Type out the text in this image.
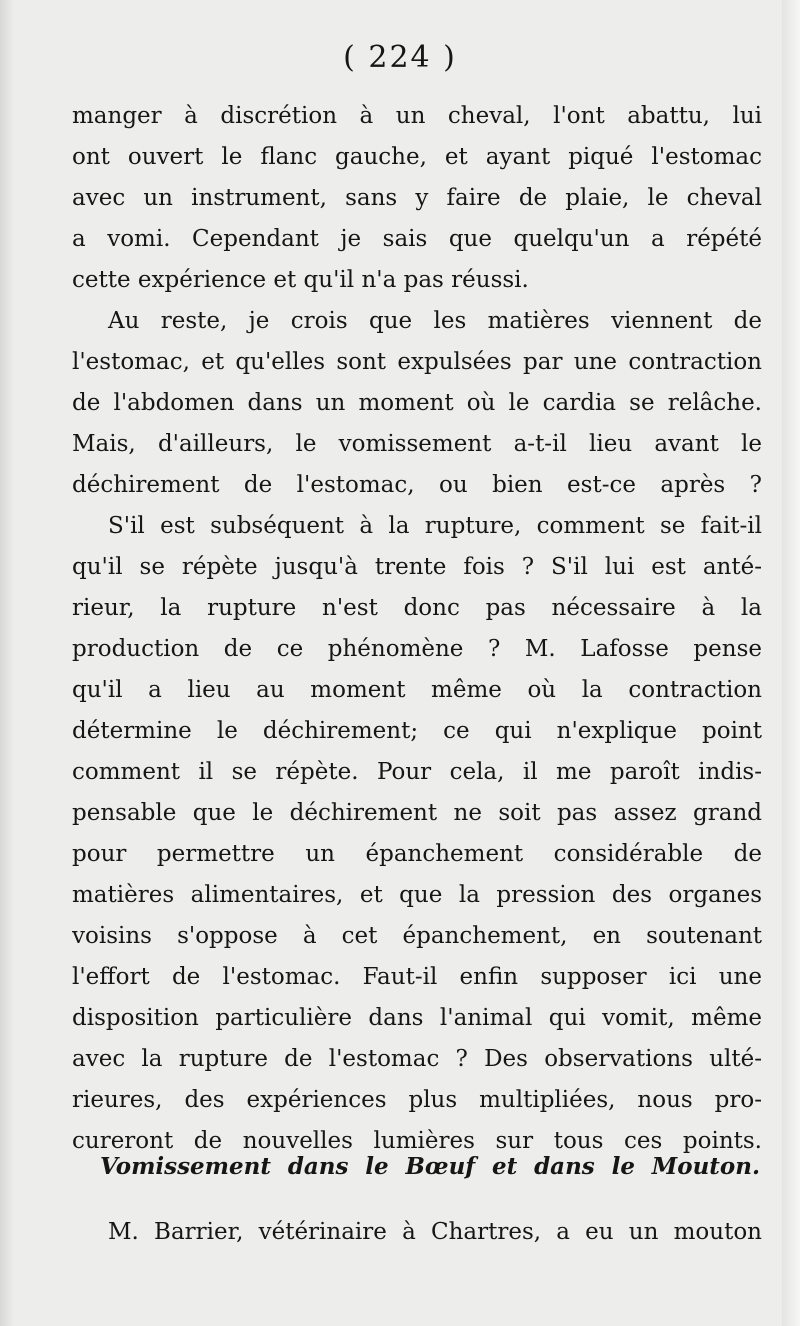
( 224 )
manger à discrétion à un cheval, l'ont abattu, lui
ont ouvert le flanc gauche, et ayant piqué l'estomac
avec un instrument, sans y faire de plaie, le cheval
a vomi. Cependant je sais que quelqu'un a répété
cette expérience et qu'il n'a pas réussi.
Au reste, je crois que les matières viennent de
l'estomac, et qu'elles sont expulsées par une contraction
de l'abdomen dans un moment où le cardia se relâche.
Mais, d'ailleurs, le vomissement a-t-il lieu avant le
déchirement de l'estomac, ou bien est-ce après ?
S'il est subséquent à la rupture, comment se fait-il
qu'il se répète jusqu'à trente fois ? S'il lui est anté-
rieur, la rupture n'est donc pas nécessaire à la
production de ce phénomène ? M. Lafosse pense
qu'il a lieu au moment même où la contraction
détermine le déchirement; ce qui n'explique point
comment il se répète. Pour cela, il me paroît indis-
pensable que le déchirement ne soit pas assez grand
pour permettre un épanchement considérable de
matières alimentaires, et que la pression des organes
voisins s'oppose à cet épanchement, en soutenant
l'effort de l'estomac. Faut-il enfin supposer ici une
disposition particulière dans l'animal qui vomit, même
avec la rupture de l'estomac ? Des observations ulté-
rieures, des expériences plus multipliées, nous pro-
cureront de nouvelles lumières sur tous ces points.
Vomissement dans le Bœuf et dans le Mouton.
M. Barrier, vétérinaire à Chartres, a eu un mouton
